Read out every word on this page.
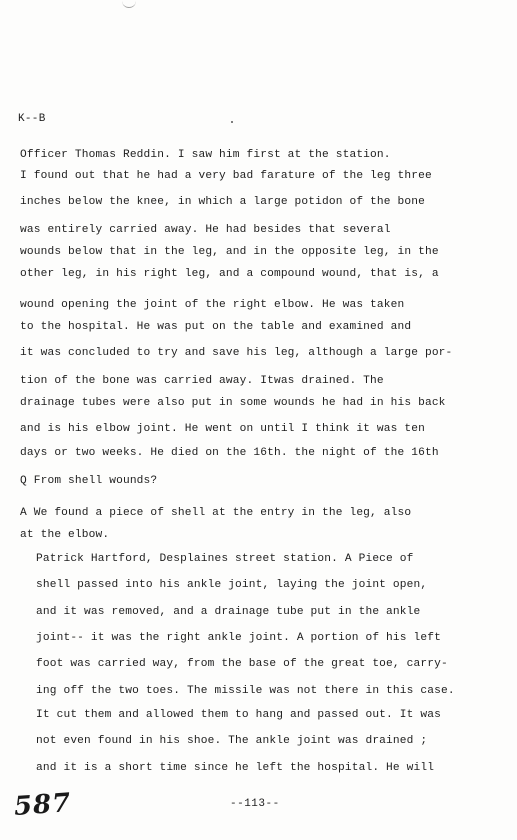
K--B
Officer Thomas Reddin. I saw him first at the station.
I found out that he had a very bad farature of the leg three
inches below the knee, in which a large potidon of the bone
was entirely carried away. He had besides that several
wounds below that in the leg, and in the opposite leg, in the
other leg, in his right leg, and a compound wound, that is, a
wound opening the joint of the right elbow. He was taken
to the hospital. He was put on the table and examined and
it was concluded to try and save his leg, although a large por-
tion of the bone was carried away. Itwas drained. The
drainage tubes were also put in some wounds he had in his back
and is his elbow joint. He went on until I think it was ten
days or two weeks. He died on the 16th. the night of the 16th
Q From shell wounds?
A We found a piece of shell at the entry in the leg, also
at the elbow.
Patrick Hartford, Desplaines street station. A Piece of
shell passed into his ankle joint, laying the joint open,
and it was removed, and a drainage tube put in the ankle
joint-- it was the right ankle joint. A portion of his left
foot was carried way, from the base of the great toe, carry-
ing off the two toes. The missile was not there in this case.
It cut them and allowed them to hang and passed out. It was
not even found in his shoe. The ankle joint was drained ;
and it is a short time since he left the hospital. He will
587	--113--
